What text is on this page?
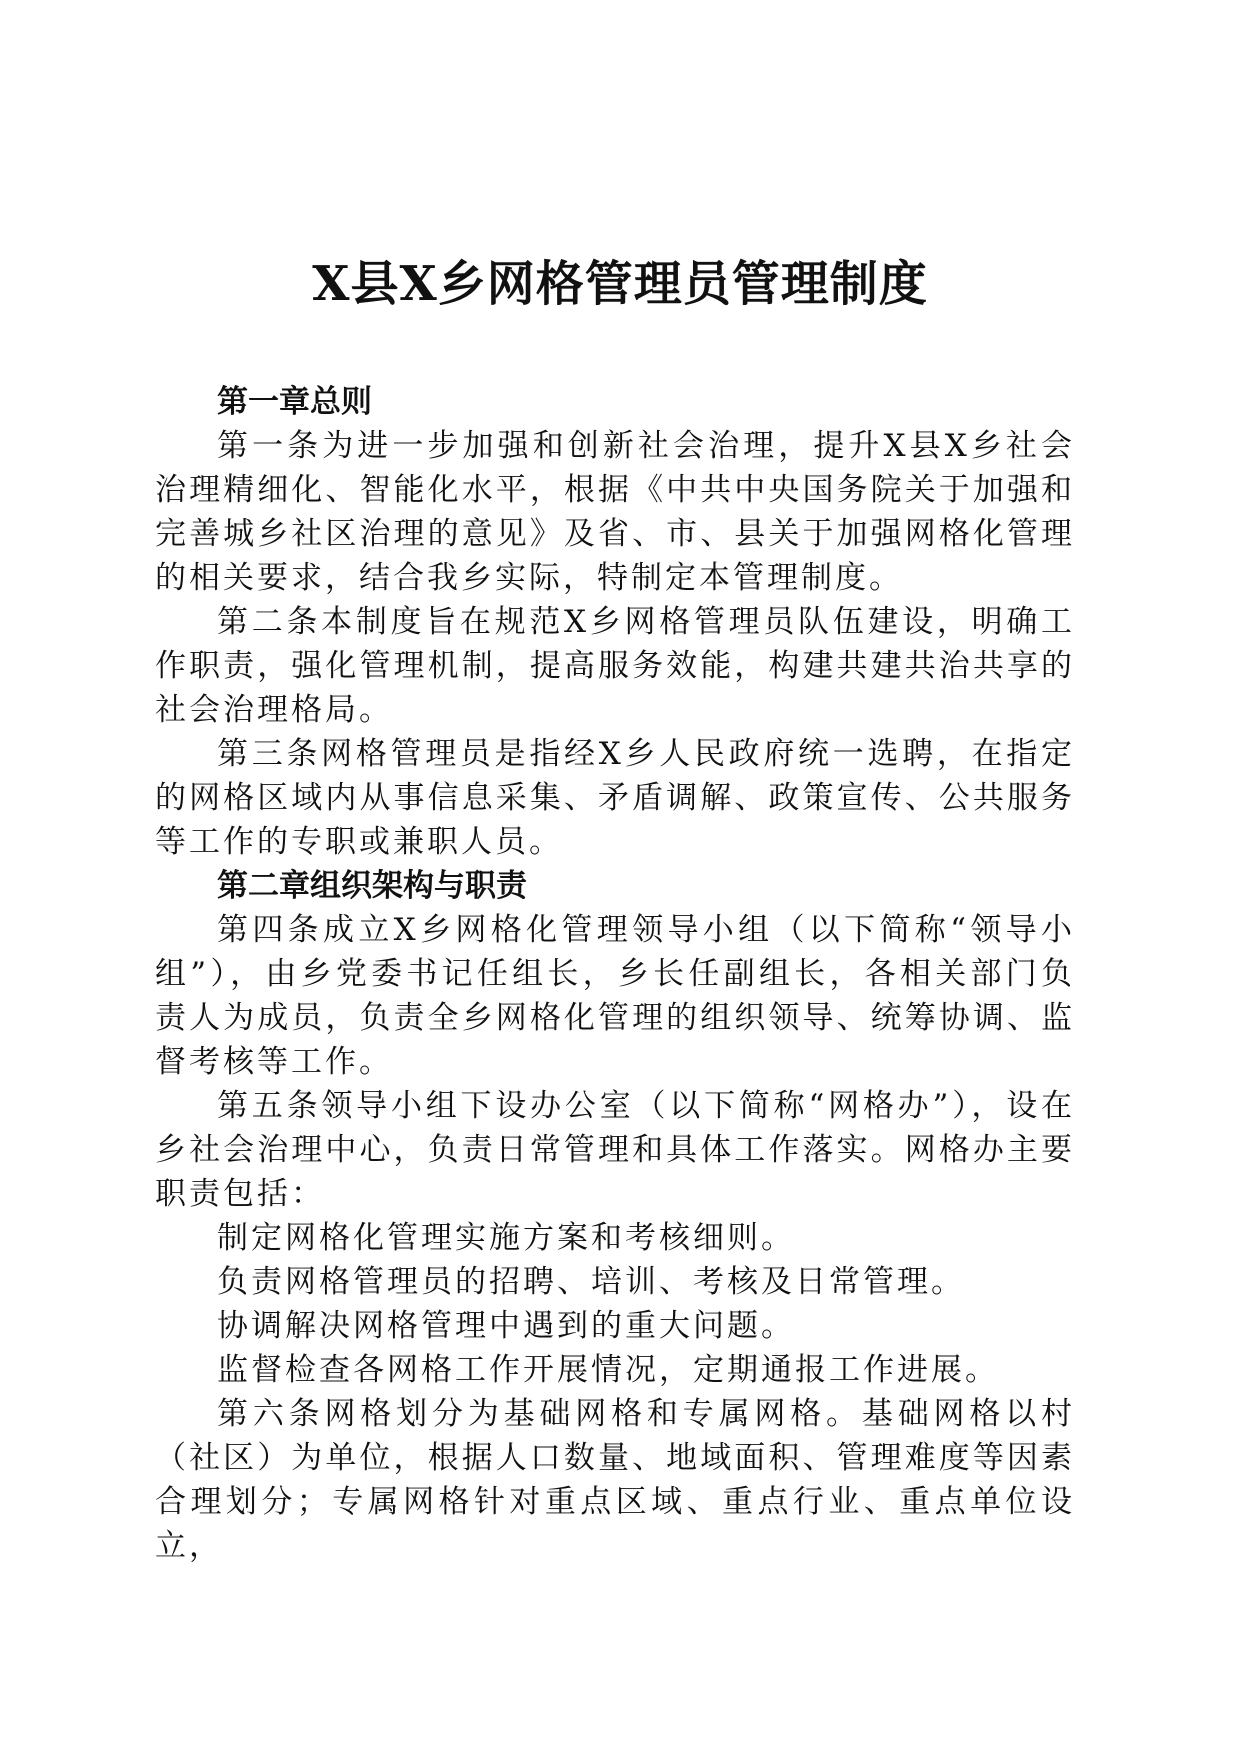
X县X乡网格管理员管理制度

第一章总则

第一条为进一步加强和创新社会治理，提升X县X乡社会治理精细化、智能化水平，根据《中共中央国务院关于加强和完善城乡社区治理的意见》及省、市、县关于加强网格化管理的相关要求，结合我乡实际，特制定本管理制度。

第二条本制度旨在规范X乡网格管理员队伍建设，明确工作职责，强化管理机制，提高服务效能，构建共建共治共享的社会治理格局。

第三条网格管理员是指经X乡人民政府统一选聘，在指定的网格区域内从事信息采集、矛盾调解、政策宣传、公共服务等工作的专职或兼职人员。

第二章组织架构与职责

第四条成立X乡网格化管理领导小组（以下简称“领导小组”），由乡党委书记任组长，乡长任副组长，各相关部门负责人为成员，负责全乡网格化管理的组织领导、统筹协调、监督考核等工作。

第五条领导小组下设办公室（以下简称“网格办”），设在乡社会治理中心，负责日常管理和具体工作落实。网格办主要职责包括：

制定网格化管理实施方案和考核细则。

负责网格管理员的招聘、培训、考核及日常管理。

协调解决网格管理中遇到的重大问题。

监督检查各网格工作开展情况，定期通报工作进展。

第六条网格划分为基础网格和专属网格。基础网格以村（社区）为单位，根据人口数量、地域面积、管理难度等因素合理划分；专属网格针对重点区域、重点行业、重点单位设立，
